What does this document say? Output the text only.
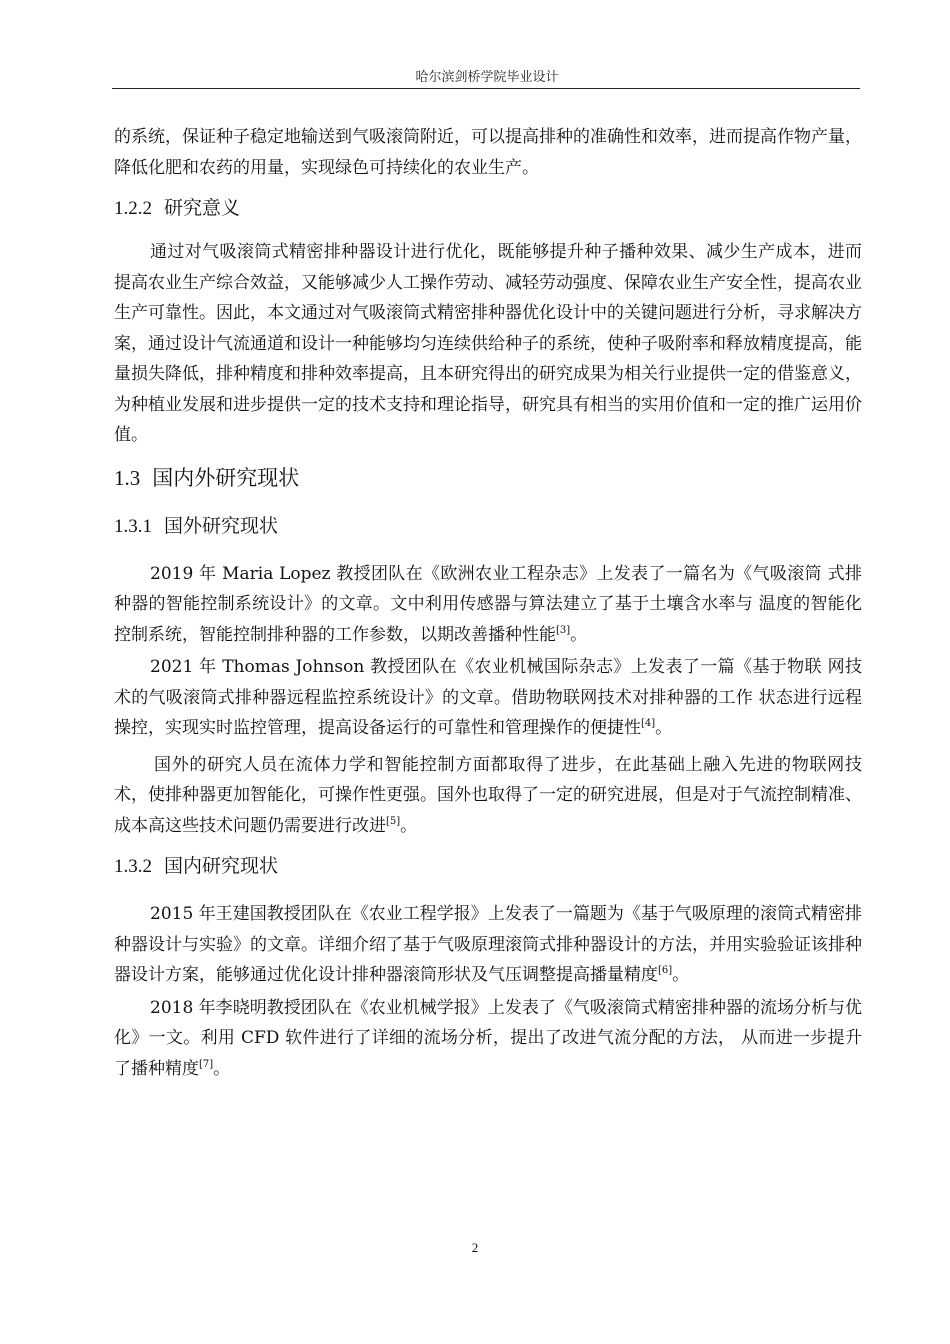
哈尔滨剑桥学院毕业设计

的系统，保证种子稳定地输送到气吸滚筒附近，可以提高排种的准确性和效率，进而提高作物产量，降低化肥和农药的用量，实现绿色可持续化的农业生产。

1.2.2 研究意义

通过对气吸滚筒式精密排种器设计进行优化，既能够提升种子播种效果、减少生产成本，进而提高农业生产综合效益，又能够减少人工操作劳动、减轻劳动强度、保障农业生产安全性，提高农业生产可靠性。因此，本文通过对气吸滚筒式精密排种器优化设计中的关键问题进行分析，寻求解决方案，通过设计气流通道和设计一种能够均匀连续供给种子的系统，使种子吸附率和释放精度提高，能量损失降低，排种精度和排种效率提高，且本研究得出的研究成果为相关行业提供一定的借鉴意义，为种植业发展和进步提供一定的技术支持和理论指导，研究具有相当的实用价值和一定的推广运用价值。

1.3 国内外研究现状
1.3.1 国外研究现状

2019 年 Maria Lopez 教授团队在《欧洲农业工程杂志》上发表了一篇名为《气吸滚筒 式排种器的智能控制系统设计》的文章。文中利用传感器与算法建立了基于土壤含水率与 温度的智能化控制系统，智能控制排种器的工作参数，以期改善播种性能[3]。

2021 年 Thomas Johnson 教授团队在《农业机械国际杂志》上发表了一篇《基于物联 网技术的气吸滚筒式排种器远程监控系统设计》的文章。借助物联网技术对排种器的工作 状态进行远程操控，实现实时监控管理，提高设备运行的可靠性和管理操作的便捷性[4]。

国外的研究人员在流体力学和智能控制方面都取得了进步，在此基础上融入先进的物联网技术，使排种器更加智能化，可操作性更强。国外也取得了一定的研究进展，但是对于气流控制精准、成本高这些技术问题仍需要进行改进[5]。

1.3.2 国内研究现状

2015 年王建国教授团队在《农业工程学报》上发表了一篇题为《基于气吸原理的滚筒式精密排种器设计与实验》的文章。详细介绍了基于气吸原理滚筒式排种器设计的方法，并用实验验证该排种器设计方案，能够通过优化设计排种器滚筒形状及气压调整提高播量精度[6]。

2018 年李晓明教授团队在《农业机械学报》上发表了《气吸滚筒式精密排种器的流场分析与优化》一文。利用 CFD 软件进行了详细的流场分析，提出了改进气流分配的方法， 从而进一步提升了播种精度[7]。

2
